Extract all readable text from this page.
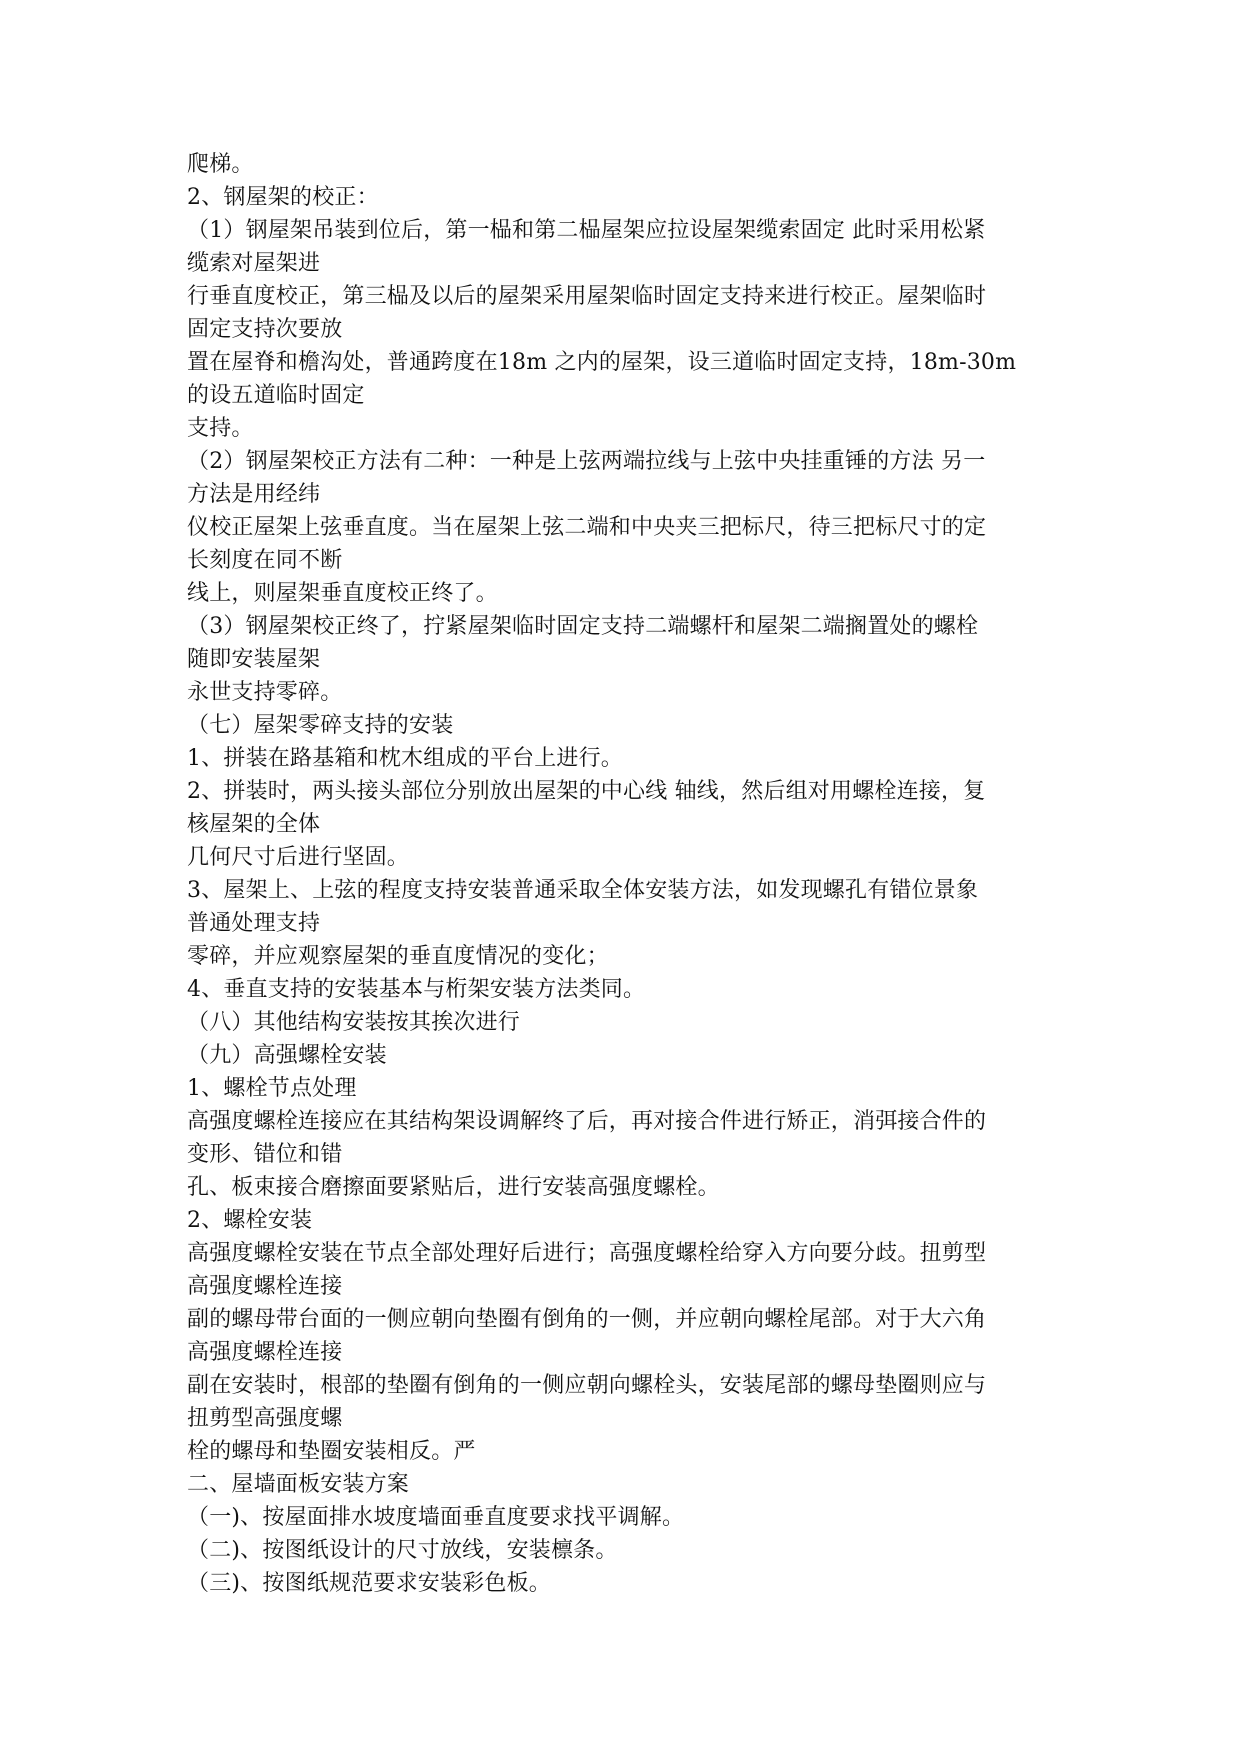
爬梯。
2、钢屋架的校正：
（1）钢屋架吊装到位后，第一榀和第二榀屋架应拉设屋架缆索固定 此时采用松紧
缆索对屋架进
行垂直度校正，第三榀及以后的屋架采用屋架临时固定支持来进行校正。屋架临时
固定支持次要放
置在屋脊和檐沟处，普通跨度在18m 之内的屋架，设三道临时固定支持，18m-30m
的设五道临时固定
支持。
（2）钢屋架校正方法有二种：一种是上弦两端拉线与上弦中央挂重锤的方法 另一
方法是用经纬
仪校正屋架上弦垂直度。当在屋架上弦二端和中央夹三把标尺，待三把标尺寸的定
长刻度在同不断
线上，则屋架垂直度校正终了。
（3）钢屋架校正终了，拧紧屋架临时固定支持二端螺杆和屋架二端搁置处的螺栓
随即安装屋架
永世支持零碎。
（七）屋架零碎支持的安装
1、拼装在路基箱和枕木组成的平台上进行。
2、拼装时，两头接头部位分别放出屋架的中心线 轴线，然后组对用螺栓连接，复
核屋架的全体
几何尺寸后进行坚固。
3、屋架上、上弦的程度支持安装普通采取全体安装方法，如发现螺孔有错位景象
普通处理支持
零碎，并应观察屋架的垂直度情况的变化；
4、垂直支持的安装基本与桁架安装方法类同。
（八）其他结构安装按其挨次进行
（九）高强螺栓安装
1、螺栓节点处理
高强度螺栓连接应在其结构架设调解终了后，再对接合件进行矫正，消弭接合件的
变形、错位和错
孔、板束接合磨擦面要紧贴后，进行安装高强度螺栓。
2、螺栓安装
高强度螺栓安装在节点全部处理好后进行；高强度螺栓给穿入方向要分歧。扭剪型
高强度螺栓连接
副的螺母带台面的一侧应朝向垫圈有倒角的一侧，并应朝向螺栓尾部。对于大六角
高强度螺栓连接
副在安装时，根部的垫圈有倒角的一侧应朝向螺栓头，安装尾部的螺母垫圈则应与
扭剪型高强度螺
栓的螺母和垫圈安装相反。严
二、屋墙面板安装方案
（一)、按屋面排水坡度墙面垂直度要求找平调解。
（二)、按图纸设计的尺寸放线，安装檩条。
（三)、按图纸规范要求安装彩色板。
